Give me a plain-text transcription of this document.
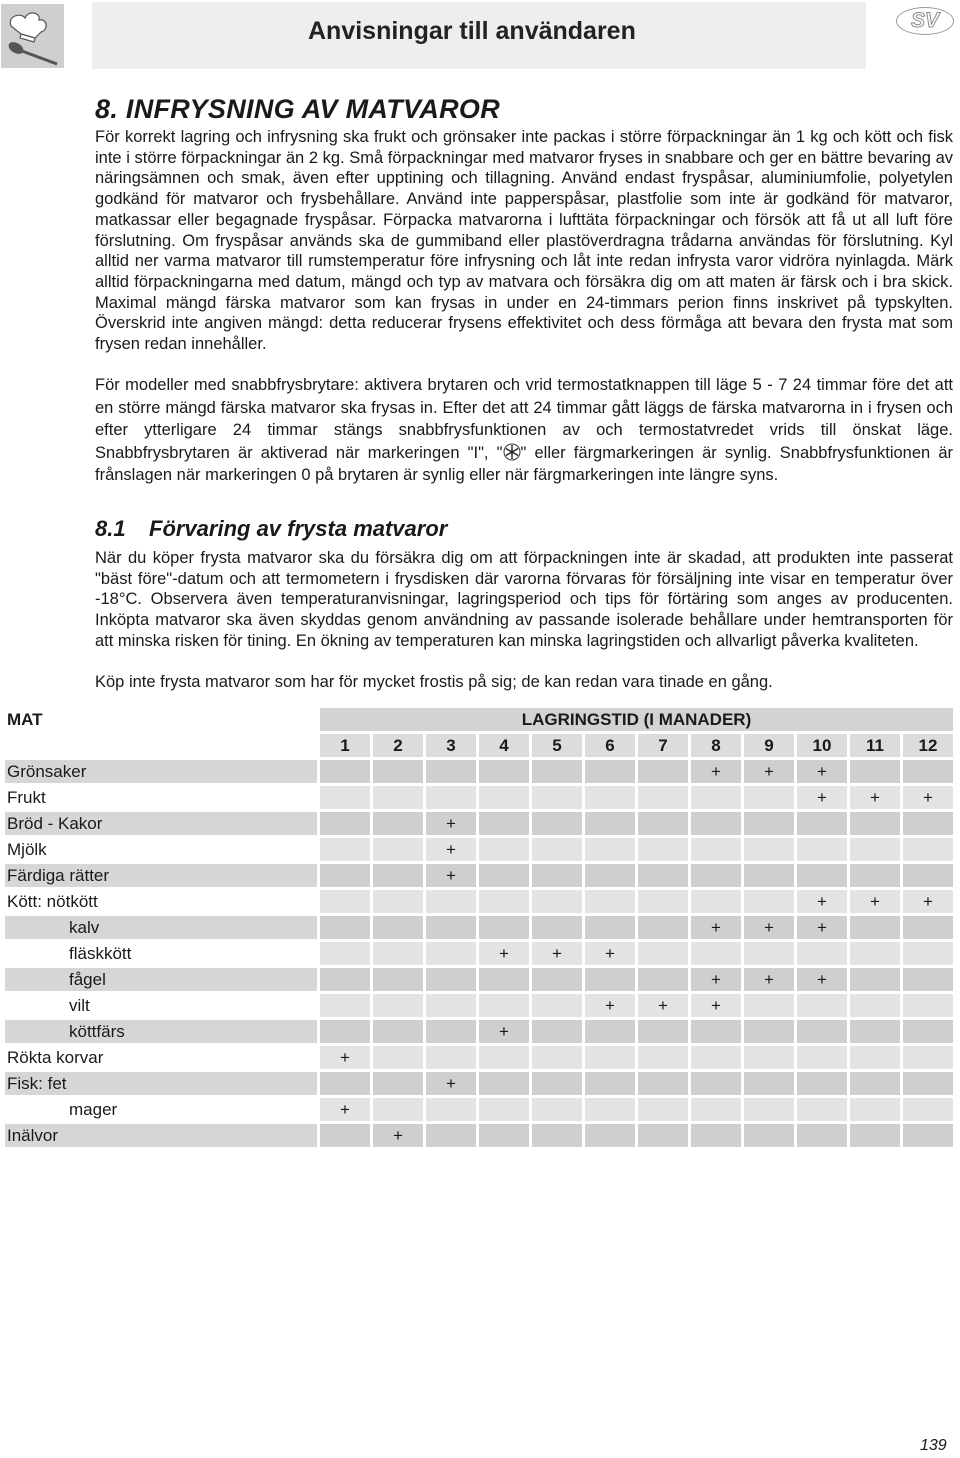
Anvisningar till användaren	SV
8. INFRYSNING AV MATVAROR

För korrekt lagring och infrysning ska frukt och grönsaker inte packas i större förpackningar än 1 kg och kött och fisk inte i större förpackningar än 2 kg. Små förpackningar med matvaror fryses in snabbare och ger en bättre bevaring av näringsämnen och smak, även efter upptining och tillagning. Använd endast fryspåsar, aluminiumfolie, polyetylen godkänd för matvaror och frysbehållare. Använd inte papperspåsar, plastfolie som inte är godkänd för matvaror, matkassar eller begagnade fryspåsar. Förpacka matvarorna i lufttäta förpackningar och försök att få ut all luft före förslutning. Om fryspåsar används ska de gummiband eller plastöverdragna trådarna användas för förslutning. Kyl alltid ner varma matvaror till rumstemperatur före infrysning och låt inte redan infrysta varor vidröra nyinlagda. Märk alltid förpackningarna med datum, mängd och typ av matvara och försäkra dig om att maten är färsk och i bra skick. Maximal mängd färska matvaror som kan frysas in under en 24-timmars perion finns inskrivet på typskylten. Överskrid inte angiven mängd: detta reducerar frysens effektivitet och dess förmåga att bevara den frysta mat som frysen redan innehåller.

För modeller med snabbfrysbrytare: aktivera brytaren och vrid termostatknappen till läge 5 - 7 24 timmar före det att en större mängd färska matvaror ska frysas in. Efter det att 24 timmar gått läggs de färska matvarorna in i frysen och efter ytterligare 24 timmar stängs snabbfrysfunktionen av och termostatvredet vrids till önskat läge. Snabbfrysbrytaren är aktiverad när markeringen "I", " " eller färgmarkeringen är synlig. Snabbfrysfunktionen är frånslagen när markeringen 0 på brytaren är synlig eller när färgmarkeringen inte längre syns.

8.1 Förvaring av frysta matvaror

När du köper frysta matvaror ska du försäkra dig om att förpackningen inte är skadad, att produkten inte passerat "bäst före"-datum och att termometern i frysdisken där varorna förvaras för försäljning inte visar en temperatur över -18°C. Observera även temperaturanvisningar, lagringsperiod och tips för förtäring som anges av producenten. Inköpta matvaror ska även skyddas genom användning av passande isolerade behållare under hemtransporten för att minska risken för tining. En ökning av temperaturen kan minska lagringstiden och allvarligt påverka kvaliteten.

Köp inte frysta matvaror som har för mycket frostis på sig; de kan redan vara tinade en gång.

MAT	LAGRINGSTID (I MANADER)											
	1	2	3	4	5	6	7	8	9	10	11	12
Grönsaker								+	+	+		
Frukt										+	+	+
Bröd - Kakor			+									
Mjölk			+									
Färdiga rätter			+									
Kött: nötkött										+	+	+
kalv								+	+	+		
fläskkött				+	+	+						
fågel								+	+	+		
vilt						+	+	+				
köttfärs				+								
Rökta korvar	+											
Fisk: fet			+									
mager	+											
Inälvor		+										
139
